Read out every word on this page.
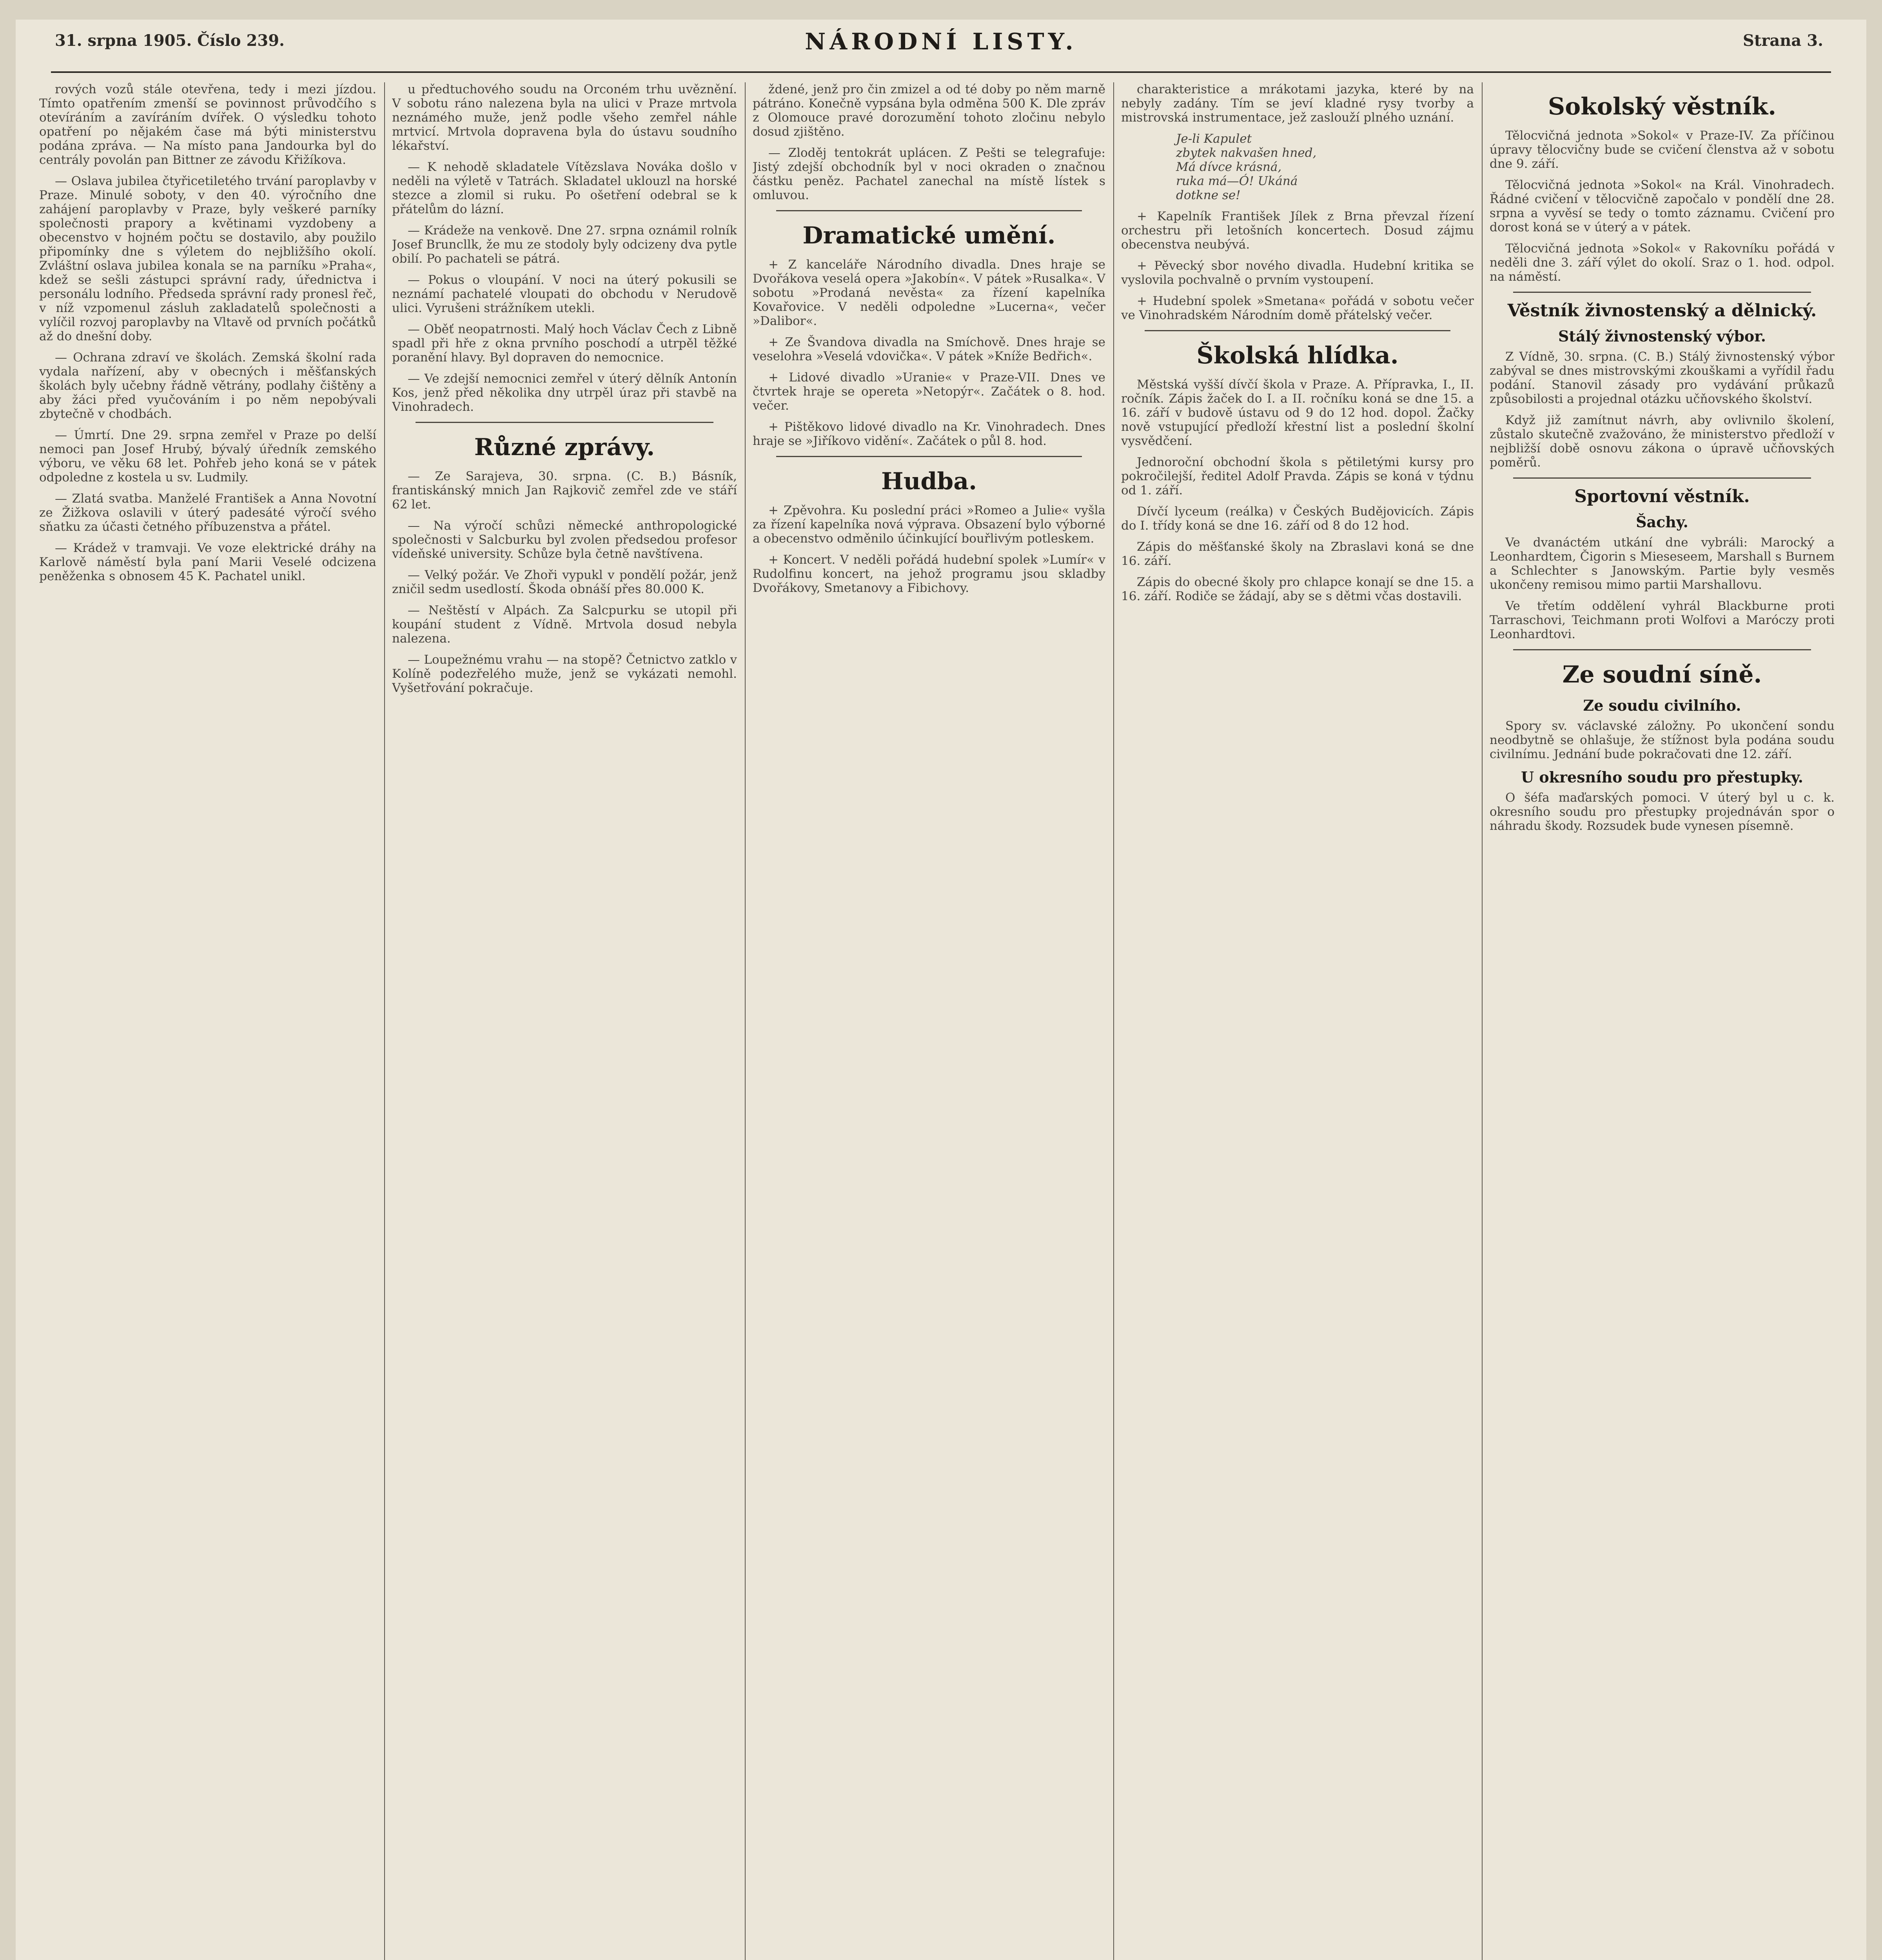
31. srpna 1905. Číslo 239.	NÁRODNÍ LISTY.	Strana 3.

rových vozů stále otevřena, tedy i mezi jízdou. Tímto opatřením zmenší se povinnost průvodčího s otevíráním a zavíráním dvířek. O výsledku tohoto opatření po nějakém čase má býti ministerstvu podána zpráva. — Na místo pana Jandourka byl do centrály povolán pan Bittner ze závodu Křižíkova.

— Oslava jubilea čtyřicetiletého trvání paroplavby v Praze. Minulé soboty, v den 40. výročního dne zahájení paroplavby v Praze, byly veškeré parníky společnosti prapory a květinami vyzdobeny a obecenstvo v hojném počtu se dostavilo, aby použilo připomínky dne s výletem do nejbližšího okolí. Zvláštní oslava jubilea konala se na parníku »Praha«, kdež se sešli zástupci správní rady, úřednictva i personálu lodního. Předseda správní rady pronesl řeč, v níž vzpomenul zásluh zakladatelů společnosti a vylíčil rozvoj paroplavby na Vltavě od prvních počátků až do dnešní doby.

— Ochrana zdraví ve školách. Zemská školní rada vydala nařízení, aby v obecných i měšťanských školách byly učebny řádně větrány, podlahy čištěny a aby žáci před vyučováním i po něm nepobývali zbytečně v chodbách.

— Úmrtí. Dne 29. srpna zemřel v Praze po delší nemoci pan Josef Hrubý, bývalý úředník zemského výboru, ve věku 68 let. Pohřeb jeho koná se v pátek odpoledne z kostela u sv. Ludmily.

— Zlatá svatba. Manželé František a Anna Novotní ze Žižkova oslavili v úterý padesáté výročí svého sňatku za účasti četného příbuzenstva a přátel.

— Krádež v tramvaji. Ve voze elektrické dráhy na Karlově náměstí byla paní Marii Veselé odcizena peněženka s obnosem 45 K. Pachatel unikl.

u předtuchového soudu na Orconém trhu uvěznění. V sobotu ráno nalezena byla na ulici v Praze mrtvola neznámého muže, jenž podle všeho zemřel náhle mrtvicí. Mrtvola dopravena byla do ústavu soudního lékařství.

— K nehodě skladatele Vítězslava Nováka došlo v neděli na výletě v Tatrách. Skladatel uklouzl na horské stezce a zlomil si ruku. Po ošetření odebral se k přátelům do lázní.

— Krádeže na venkově. Dne 27. srpna oznámil rolník Josef Bruncllk, že mu ze stodoly byly odcizeny dva pytle obilí. Po pachateli se pátrá.

— Pokus o vloupání. V noci na úterý pokusili se neznámí pachatelé vloupati do obchodu v Nerudově ulici. Vyrušeni strážníkem utekli.

— Oběť neopatrnosti. Malý hoch Václav Čech z Libně spadl při hře z okna prvního poschodí a utrpěl těžké poranění hlavy. Byl dopraven do nemocnice.

— Ve zdejší nemocnici zemřel v úterý dělník Antonín Kos, jenž před několika dny utrpěl úraz při stavbě na Vinohradech.

Různé zprávy.

— Ze Sarajeva, 30. srpna. (C. B.) Básník, frantiskánský mnich Jan Rajkovič zemřel zde ve stáří 62 let.

— Na výročí schůzi německé anthropologické společnosti v Salcburku byl zvolen předsedou profesor vídeňské university. Schůze byla četně navštívena.

— Velký požár. Ve Zhoři vypukl v pondělí požár, jenž zničil sedm usedlostí. Škoda obnáší přes 80.000 K.

— Neštěstí v Alpách. Za Salcpurku se utopil při koupání student z Vídně. Mrtvola dosud nebyla nalezena.

— Loupežnému vrahu — na stopě? Četnictvo zatklo v Kolíně podezřelého muže, jenž se vykázati nemohl. Vyšetřování pokračuje.

ždené, jenž pro čin zmizel a od té doby po něm marně pátráno. Konečně vypsána byla odměna 500 K. Dle zpráv z Olomouce pravé dorozumění tohoto zločinu nebylo dosud zjištěno.

— Zloděj tentokrát uplácen. Z Pešti se telegrafuje: Jistý zdejší obchodník byl v noci okraden o značnou částku peněz. Pachatel zanechal na místě lístek s omluvou.

Dramatické umění.

+ Z kanceláře Národního divadla. Dnes hraje se Dvořákova veselá opera »Jakobín«. V pátek »Rusalka«. V sobotu »Prodaná nevěsta« za řízení kapelníka Kovařovice. V neděli odpoledne »Lucerna«, večer »Dalibor«.

+ Ze Švandova divadla na Smíchově. Dnes hraje se veselohra »Veselá vdovička«. V pátek »Kníže Bedřich«.

+ Lidové divadlo »Uranie« v Praze-VII. Dnes ve čtvrtek hraje se opereta »Netopýr«. Začátek o 8. hod. večer.

+ Pištěkovo lidové divadlo na Kr. Vinohradech. Dnes hraje se »Jiříkovo vidění«. Začátek o půl 8. hod.

Hudba.

+ Zpěvohra. Ku poslední práci »Romeo a Julie« vyšla za řízení kapelníka nová výprava. Obsazení bylo výborné a obecenstvo odměnilo účinkující bouřlivým potleskem.

+ Koncert. V neděli pořádá hudební spolek »Lumír« v Rudolfinu koncert, na jehož programu jsou skladby Dvořákovy, Smetanovy a Fibichovy.

charakteristice a mrákotami jazyka, které by na nebyly zadány. Tím se jeví kladné rysy tvorby a mistrovská instrumentace, jež zaslouží plného uznání.

Je-li Kapulet
zbytek nakvašen hned,
Má dívce krásná,
ruka má—Ó! Ukáná
dotkne se!

+ Kapelník František Jílek z Brna převzal řízení orchestru při letošních koncertech. Dosud zájmu obecenstva neubývá.

+ Pěvecký sbor nového divadla. Hudební kritika se vyslovila pochvalně o prvním vystoupení.

+ Hudební spolek »Smetana« pořádá v sobotu večer ve Vinohradském Národním domě přátelský večer.

Školská hlídka.

Městská vyšší dívčí škola v Praze. A. Přípravka, I., II. ročník. Zápis žaček do I. a II. ročníku koná se dne 15. a 16. září v budově ústavu od 9 do 12 hod. dopol. Žačky nově vstupující předloží křestní list a poslední školní vysvědčení.

Jednoroční obchodní škola s pětiletými kursy pro pokročilejší, ředitel Adolf Pravda. Zápis se koná v týdnu od 1. září.

Dívčí lyceum (reálka) v Českých Budějovicích. Zápis do I. třídy koná se dne 16. září od 8 do 12 hod.

Zápis do měšťanské školy na Zbraslavi koná se dne 16. září.

Zápis do obecné školy pro chlapce konají se dne 15. a 16. září. Rodiče se žádají, aby se s dětmi včas dostavili.

Sokolský věstník.

Tělocvičná jednota »Sokol« v Praze-IV. Za příčinou úpravy tělocvičny bude se cvičení členstva až v sobotu dne 9. září.

Tělocvičná jednota »Sokol« na Král. Vinohradech. Řádné cvičení v tělocvičně započalo v pondělí dne 28. srpna a vyvěsí se tedy o tomto záznamu. Cvičení pro dorost koná se v úterý a v pátek.

Tělocvičná jednota »Sokol« v Rakovníku pořádá v neděli dne 3. září výlet do okolí. Sraz o 1. hod. odpol. na náměstí.

Věstník živnostenský a dělnický.
Stálý živnostenský výbor.

Z Vídně, 30. srpna. (C. B.) Stálý živnostenský výbor zabýval se dnes mistrovskými zkouškami a vyřídil řadu podání. Stanovil zásady pro vydávání průkazů způsobilosti a projednal otázku učňovského školství.

Když již zamítnut návrh, aby ovlivnilo školení, zůstalo skutečně zvažováno, že ministerstvo předloží v nejbližší době osnovu zákona o úpravě učňovských poměrů.

Sportovní věstník.
Šachy.

Ve dvanáctém utkání dne vybráli: Marocký a Leonhardtem, Čigorin s Mieseseem, Marshall s Burnem a Schlechter s Janowským. Partie byly vesměs ukončeny remisou mimo partii Marshallovu.

Ve třetím oddělení vyhrál Blackburne proti Tarraschovi, Teichmann proti Wolfovi a Maróczy proti Leonhardtovi.

Ze soudní síně.
Ze soudu civilního.

Spory sv. václavské záložny. Po ukončení sondu neodbytně se ohlašuje, že stížnost byla podána soudu civilnímu. Jednání bude pokračovati dne 12. září.

U okresního soudu pro přestupky.

O šéfa maďarských pomoci. V úterý byl u c. k. okresního soudu pro přestupky projednáván spor o náhradu škody. Rozsudek bude vynesen písemně.
